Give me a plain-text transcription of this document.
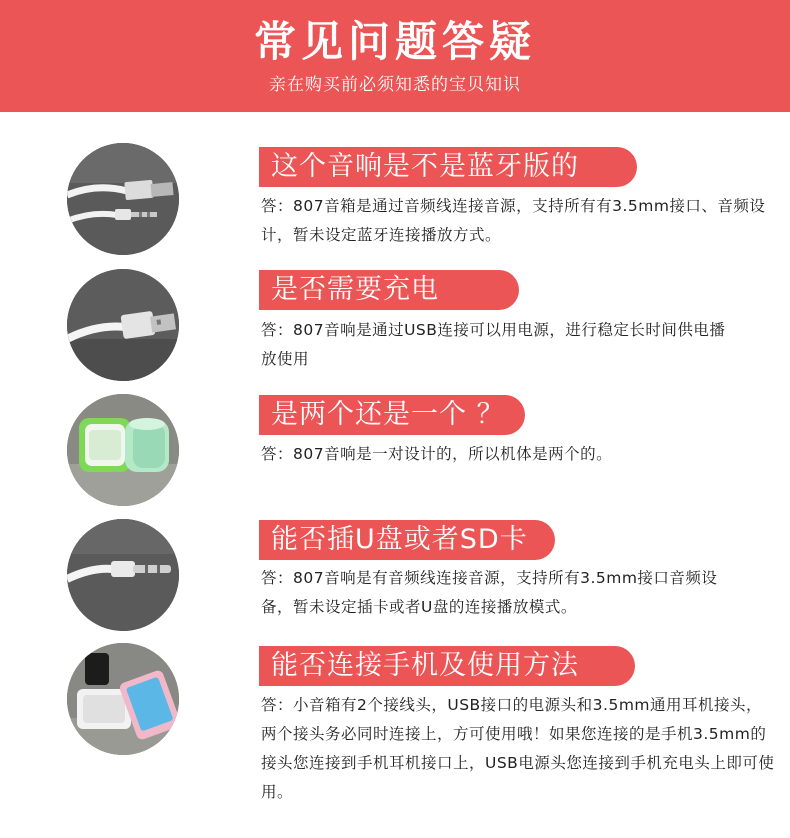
常见问题答疑
亲在购买前必须知悉的宝贝知识
这个音响是不是蓝牙版的
答：807音箱是通过音频线连接音源，支持所有有3.5mm接口、音频设计，暂未设定蓝牙连接播放方式。
是否需要充电
答：807音响是通过USB连接可以用电源，进行稳定长时间供电播放使用
是两个还是一个 ？
答：807音响是一对设计的，所以机体是两个的。
能否插U盘或者SD卡
答：807音响是有音频线连接音源，支持所有3.5mm接口音频设备，暂未设定插卡或者U盘的连接播放模式。
能否连接手机及使用方法
答：小音箱有2个接线头，USB接口的电源头和3.5mm通用耳机接头，两个接头务必同时连接上，方可使用哦！如果您连接的是手机3.5mm的接头您连接到手机耳机接口上，USB电源头您连接到手机充电头上即可使用。
